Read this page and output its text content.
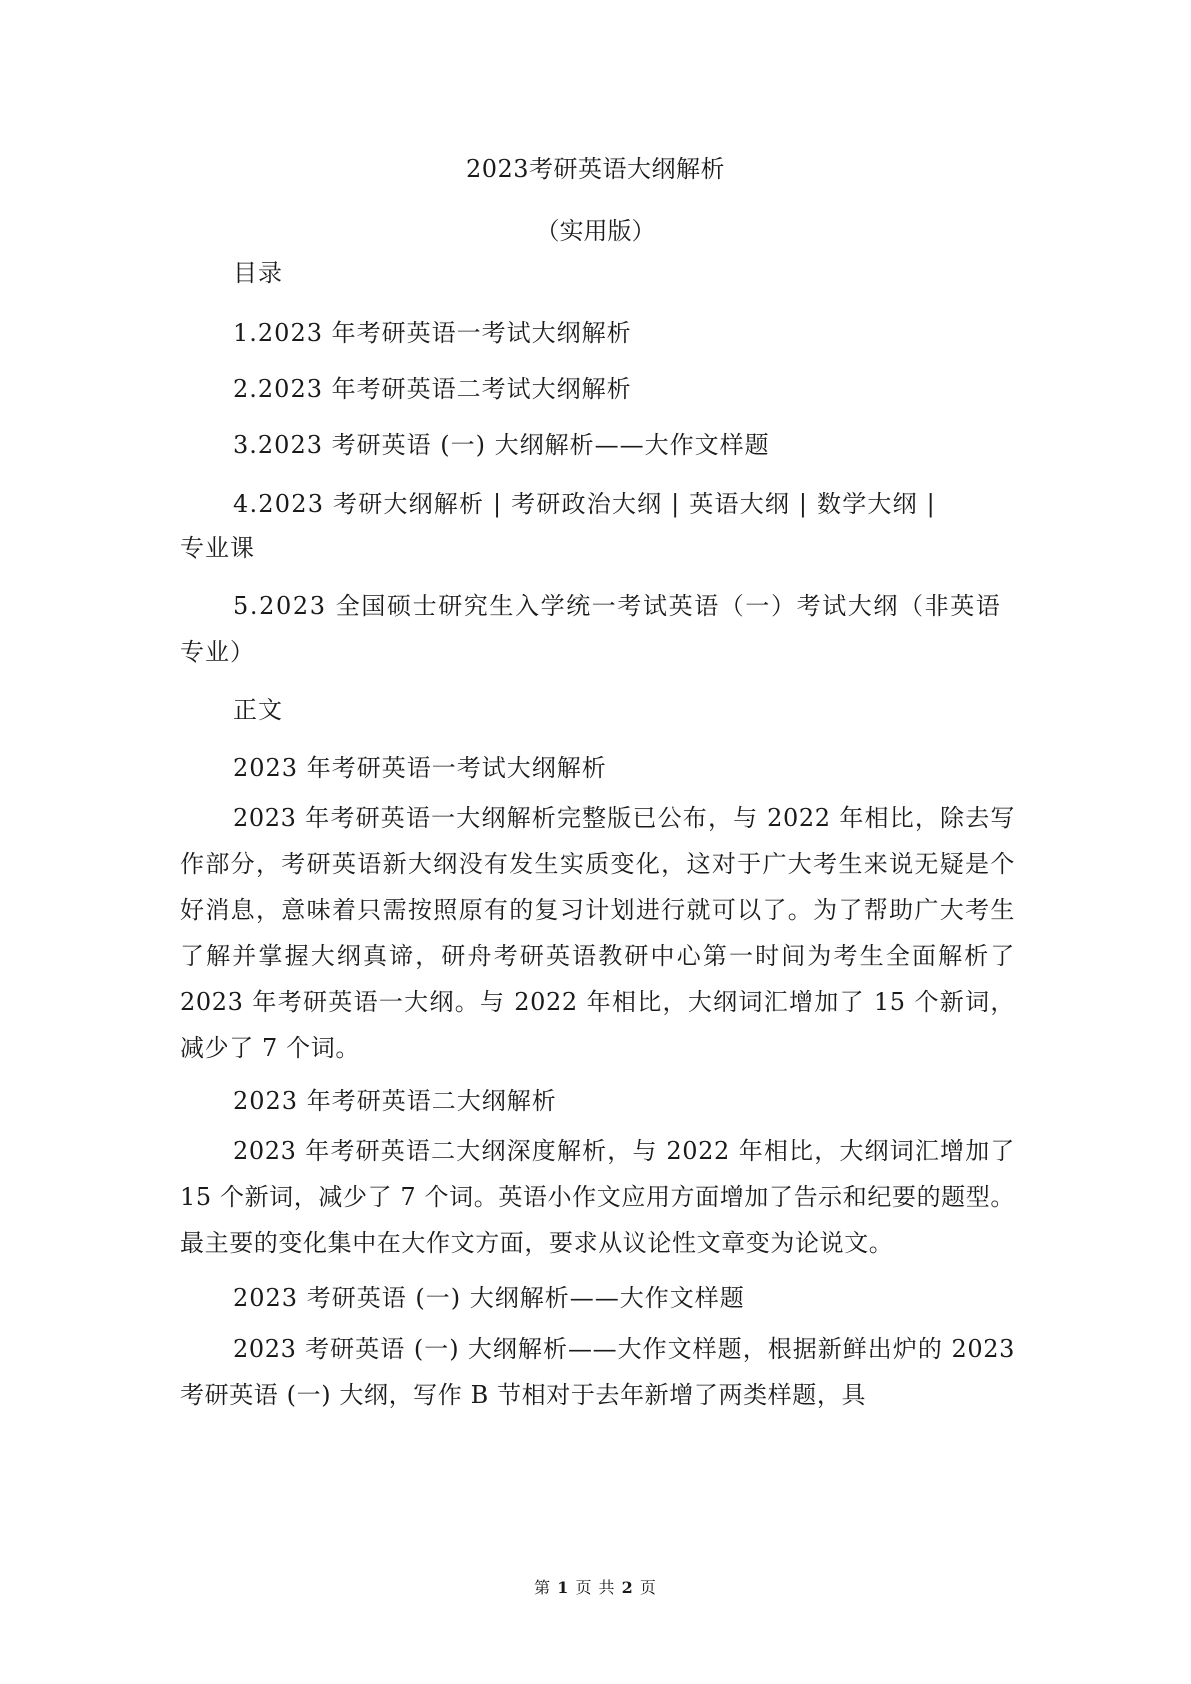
2023考研英语大纲解析
（实用版）
目录
1.2023 年考研英语一考试大纲解析
2.2023 年考研英语二考试大纲解析
3.2023 考研英语 (一) 大纲解析——大作文样题
4.2023 考研大纲解析 | 考研政治大纲 | 英语大纲 | 数学大纲 |
专业课
5.2023 全国硕士研究生入学统一考试英语（一）考试大纲（非英语
专业）
正文
2023 年考研英语一考试大纲解析

2023 年考研英语一大纲解析完整版已公布，与 2022 年相比，除去写作部分，考研英语新大纲没有发生实质变化，这对于广大考生来说无疑是个好消息，意味着只需按照原有的复习计划进行就可以了。为了帮助广大考生了解并掌握大纲真谛，研舟考研英语教研中心第一时间为考生全面解析了 2023 年考研英语一大纲。与 2022 年相比，大纲词汇增加了 15 个新词，减少了 7 个词。

2023 年考研英语二大纲解析

2023 年考研英语二大纲深度解析，与 2022 年相比，大纲词汇增加了 15 个新词，减少了 7 个词。英语小作文应用方面增加了告示和纪要的题型。最主要的变化集中在大作文方面，要求从议论性文章变为论说文。

2023 考研英语 (一) 大纲解析——大作文样题

2023 考研英语 (一) 大纲解析——大作文样题，根据新鲜出炉的 2023 考研英语 (一) 大纲，写作 B 节相对于去年新增了两类样题，具

第 1 页 共 2 页
